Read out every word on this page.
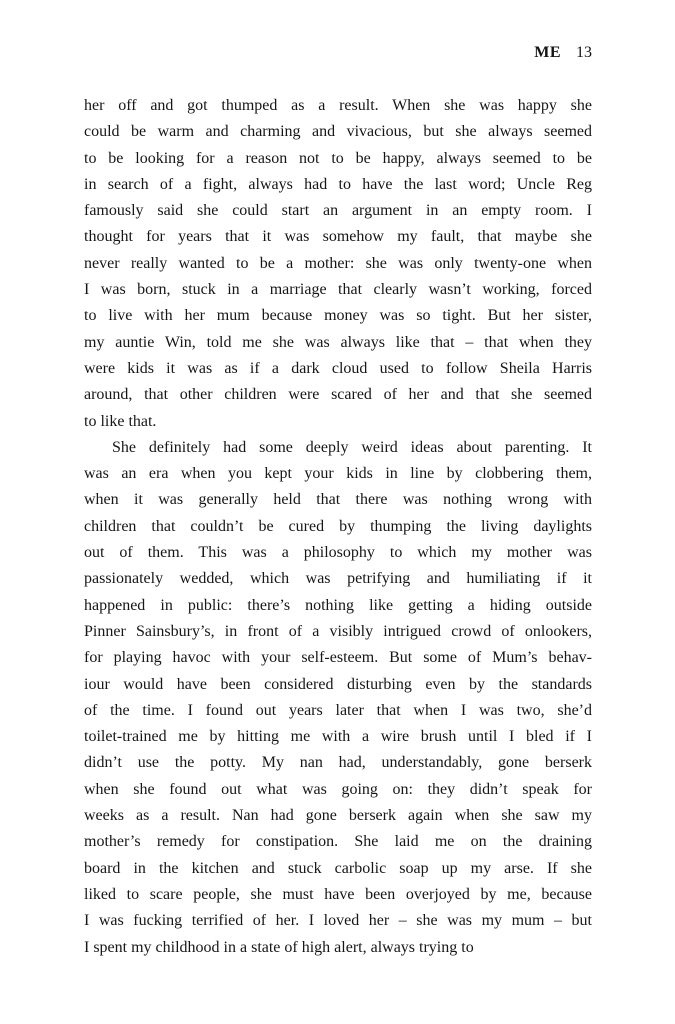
ME 13
her off and got thumped as a result. When she was happy she
could be warm and charming and vivacious, but she always seemed
to be looking for a reason not to be happy, always seemed to be
in search of a fight, always had to have the last word; Uncle Reg
famously said she could start an argument in an empty room. I
thought for years that it was somehow my fault, that maybe she
never really wanted to be a mother: she was only twenty-one when
I was born, stuck in a marriage that clearly wasn’t working, forced
to live with her mum because money was so tight. But her sister,
my auntie Win, told me she was always like that – that when they
were kids it was as if a dark cloud used to follow Sheila Harris
around, that other children were scared of her and that she seemed
to like that.
She definitely had some deeply weird ideas about parenting. It
was an era when you kept your kids in line by clobbering them,
when it was generally held that there was nothing wrong with
children that couldn’t be cured by thumping the living daylights
out of them. This was a philosophy to which my mother was
passionately wedded, which was petrifying and humiliating if it
happened in public: there’s nothing like getting a hiding outside
Pinner Sainsbury’s, in front of a visibly intrigued crowd of onlookers,
for playing havoc with your self-esteem. But some of Mum’s behav-
iour would have been considered disturbing even by the standards
of the time. I found out years later that when I was two, she’d
toilet-trained me by hitting me with a wire brush until I bled if I
didn’t use the potty. My nan had, understandably, gone berserk
when she found out what was going on: they didn’t speak for
weeks as a result. Nan had gone berserk again when she saw my
mother’s remedy for constipation. She laid me on the draining
board in the kitchen and stuck carbolic soap up my arse. If she
liked to scare people, she must have been overjoyed by me, because
I was fucking terrified of her. I loved her – she was my mum – but
I spent my childhood in a state of high alert, always trying to
